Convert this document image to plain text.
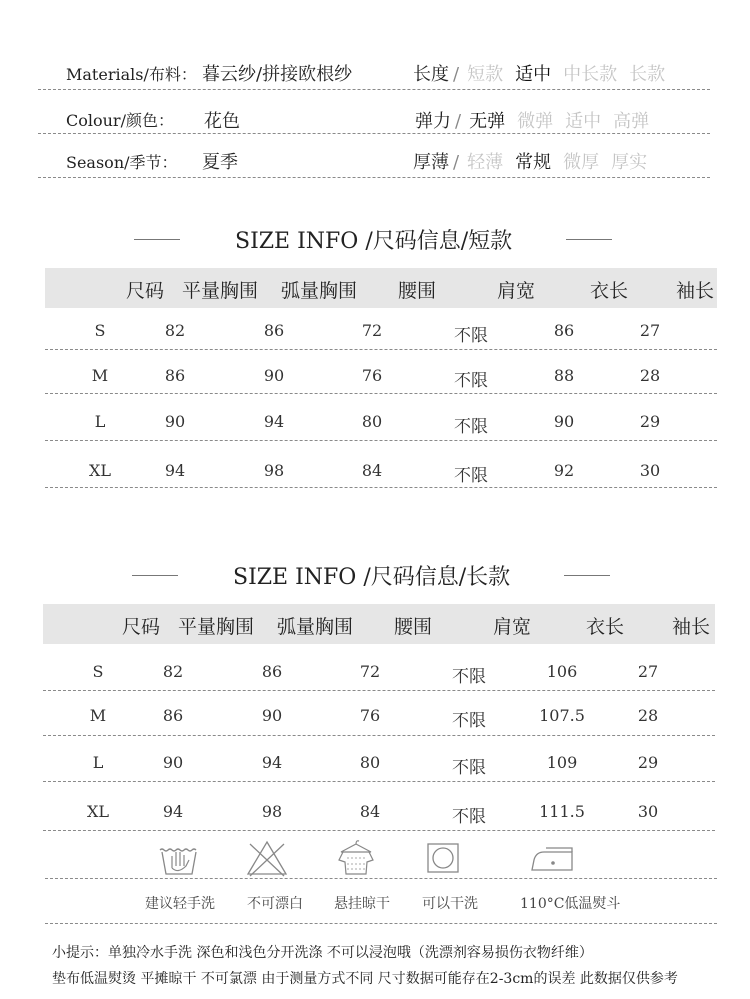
Materials/布料： 暮云纱/拼接欧根纱	长度 / 短款 适中 中长款 长款
Colour/颜色： 花色	弹力 / 无弹 微弹 适中 高弹
Season/季节： 夏季	厚薄 / 轻薄 常规 微厚 厚实
SIZE INFO /尺码信息/短款
尺码 平量胸围 弧量胸围	腰围	肩宽	衣长	袖长
S	82	86	72	不限	86	27
M	86	90	76	不限	88	28
L	90	94	80	不限	90	29
XL	94	98	84	不限	92	30
SIZE INFO /尺码信息/长款
尺码 平量胸围 弧量胸围	腰围	肩宽	衣长	袖长
S	82	86	72	不限	106	27
M	86	90	76	不限	107.5	28
L	90	94	80	不限	109	29
XL	94	98	84	不限	111.5	30
建议轻手洗	不可漂白	悬挂晾干	可以干洗	110°C低温熨斗
小提示：单独冷水手洗 深色和浅色分开洗涤 不可以浸泡哦（洗漂剂容易损伤衣物纤维）
垫布低温熨烫 平摊晾干 不可氯漂 由于测量方式不同 尺寸数据可能存在2-3cm的误差 此数据仅供参考
